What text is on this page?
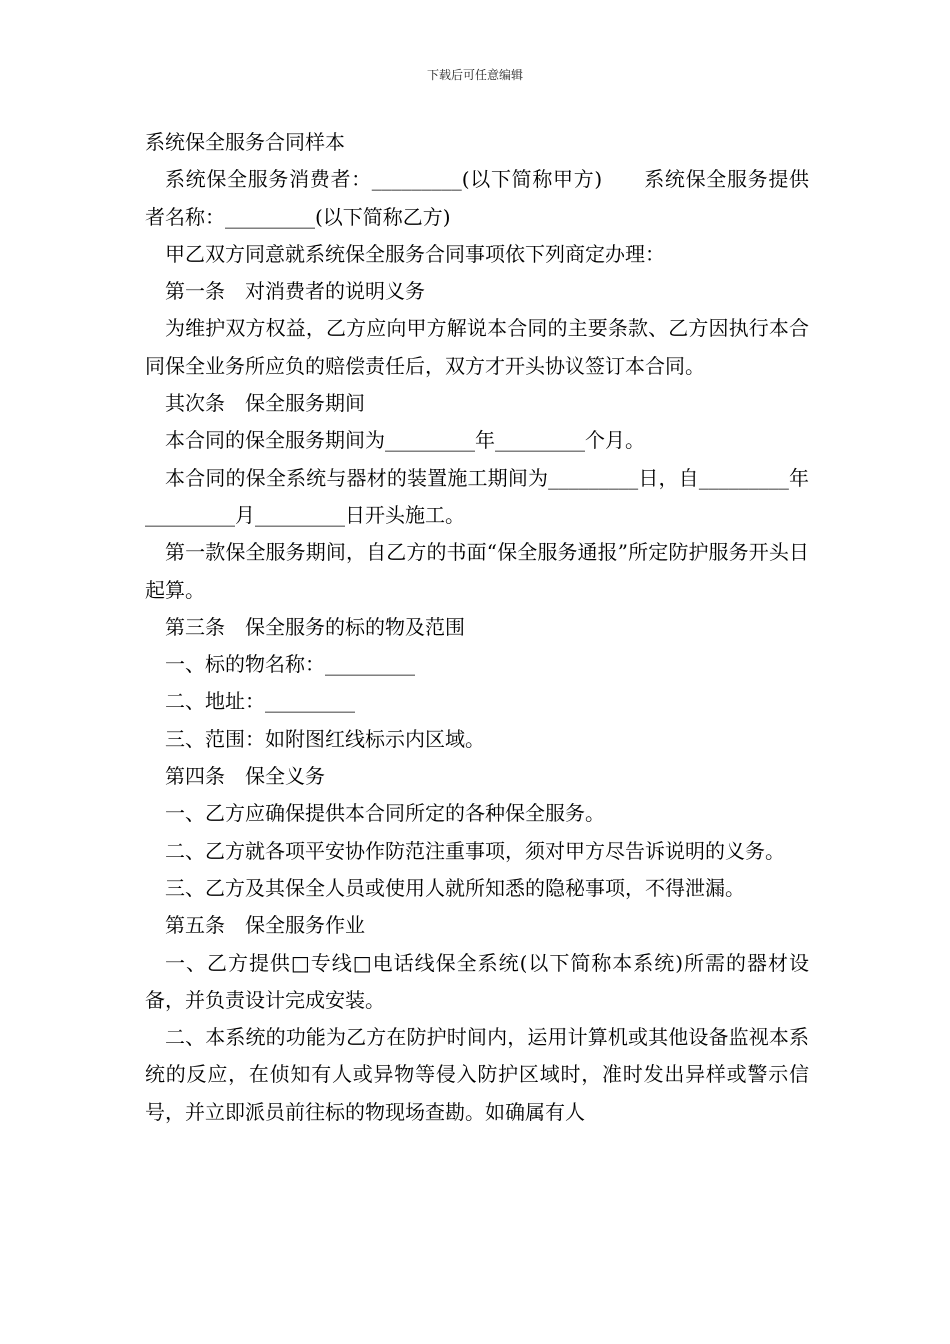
下载后可任意编辑

系统保全服务合同样本

系统保全服务消费者：_________(以下简称甲方)　　系统保全服务提供者名称：_________(以下简称乙方)

甲乙双方同意就系统保全服务合同事项依下列商定办理：

第一条　对消费者的说明义务

为维护双方权益，乙方应向甲方解说本合同的主要条款、乙方因执行本合同保全业务所应负的赔偿责任后，双方才开头协议签订本合同。

其次条　保全服务期间

本合同的保全服务期间为_________年_________个月。

本合同的保全系统与器材的装置施工期间为_________日，自_________年_________月_________日开头施工。

第一款保全服务期间，自乙方的书面“保全服务通报”所定防护服务开头日起算。

第三条　保全服务的标的物及范围

一、标的物名称：_________

二、地址：_________

三、范围：如附图红线标示内区域。

第四条　保全义务

一、乙方应确保提供本合同所定的各种保全服务。

二、乙方就各项平安协作防范注重事项，须对甲方尽告诉说明的义务。

三、乙方及其保全人员或使用人就所知悉的隐秘事项，不得泄漏。

第五条　保全服务作业

一、乙方提供□专线□电话线保全系统(以下简称本系统)所需的器材设备，并负责设计完成安装。

二、本系统的功能为乙方在防护时间内，运用计算机或其他设备监视本系统的反应，在侦知有人或异物等侵入防护区域时，准时发出异样或警示信号，并立即派员前往标的物现场查勘。如确属有人
